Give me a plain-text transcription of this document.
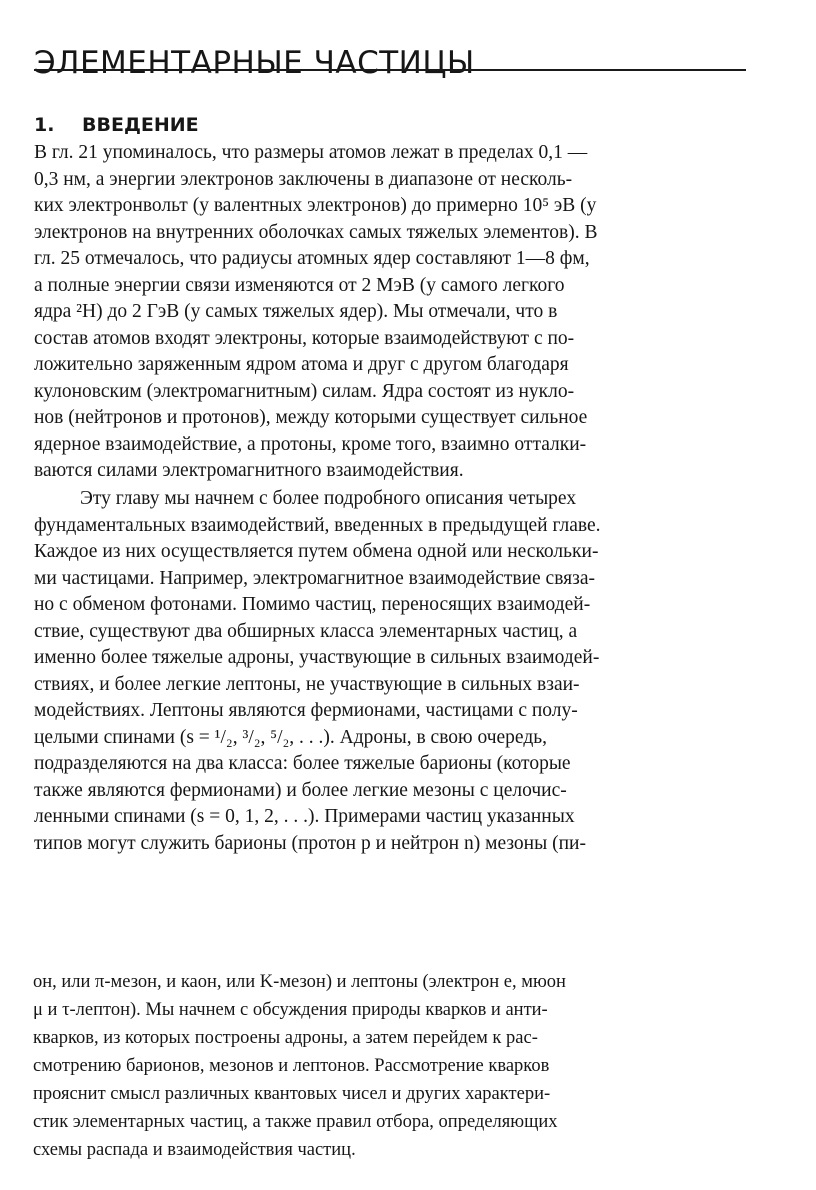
ЭЛЕМЕНТАРНЫЕ ЧАСТИЦЫ
1. ВВЕДЕНИЕ

В гл. 21 упоминалось, что размеры атомов лежат в пределах 0,1 —
0,3 нм, а энергии электронов заключены в диапазоне от несколь-
ких электронвольт (у валентных электронов) до примерно 10⁵ эВ (у
электронов на внутренних оболочках самых тяжелых элементов). В
гл. 25 отмечалось, что радиусы атомных ядер составляют 1—8 фм,
а полные энергии связи изменяются от 2 МэВ (у самого легкого
ядра ²H) до 2 ГэВ (у самых тяжелых ядер). Мы отмечали, что в
состав атомов входят электроны, которые взаимодействуют с по-
ложительно заряженным ядром атома и друг с другом благодаря
кулоновским (электромагнитным) силам. Ядра состоят из нукло-
нов (нейтронов и протонов), между которыми существует сильное
ядерное взаимодействие, а протоны, кроме того, взаимно отталки-
ваются силами электромагнитного взаимодействия.

Эту главу мы начнем с более подробного описания четырех
фундаментальных взаимодействий, введенных в предыдущей главе.
Каждое из них осуществляется путем обмена одной или нескольки-
ми частицами. Например, электромагнитное взаимодействие связа-
но с обменом фотонами. Помимо частиц, переносящих взаимодей-
ствие, существуют два обширных класса элементарных частиц, а
именно более тяжелые адроны, участвующие в сильных взаимодей-
ствиях, и более легкие лептоны, не участвующие в сильных взаи-
модействиях. Лептоны являются фермионами, частицами с полу-
целыми спинами (s = ¹/₂, ³/₂, ⁵/₂, . . .). Адроны, в свою очередь,
подразделяются на два класса: более тяжелые барионы (которые
также являются фермионами) и более легкие мезоны с целочис-
ленными спинами (s = 0, 1, 2, . . .). Примерами частиц указанных
типов могут служить барионы (протон p и нейтрон n) мезоны (пи-

он, или π-мезон, и каон, или K-мезон) и лептоны (электрон e, мюон
μ и τ-лептон). Мы начнем с обсуждения природы кварков и анти-
кварков, из которых построены адроны, а затем перейдем к рас-
смотрению барионов, мезонов и лептонов. Рассмотрение кварков
прояснит смысл различных квантовых чисел и других характери-
стик элементарных частиц, а также правил отбора, определяющих
схемы распада и взаимодействия частиц.
